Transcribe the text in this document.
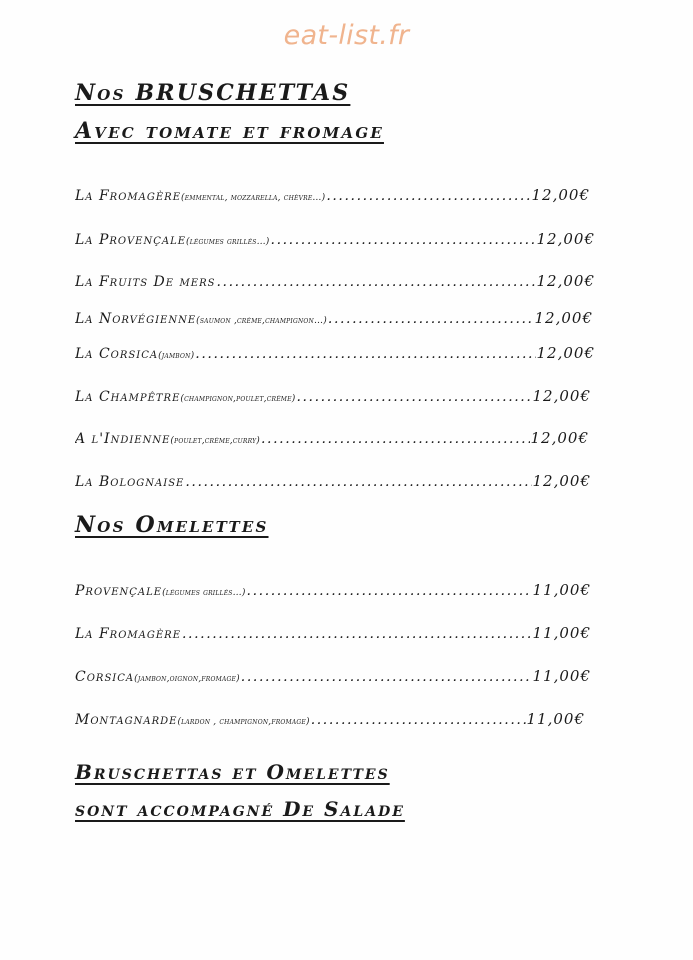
eat-list.fr
Nos BRUSCHETTAS
Avec tomate et fromage
La Fromagère (emmental, mozzarella, chèvre…) .....	12,00€
La Provençale (légumes grillés…) .....	12,00€
La Fruits De mers .....	12,00€
La Norvégienne (saumon ,crème,champignon…) .....	12,00€
La Corsica (jambon) .....	12,00€
La Champêtre (champignon,poulet,crème) .....	12,00€
A l'Indienne (poulet,crème,curry) .....	12,00€
La Bolognaise .....	12,00€
Nos Omelettes
Provençale (légumes grillés…) .....	11,00€
La Fromagère .....	11,00€
Corsica (jambon,oignon,fromage) .....	11,00€
Montagnarde (lardon , champignon,fromage) .....	11,00€

Bruschettas et Omelettes

sont accompagné De Salade
